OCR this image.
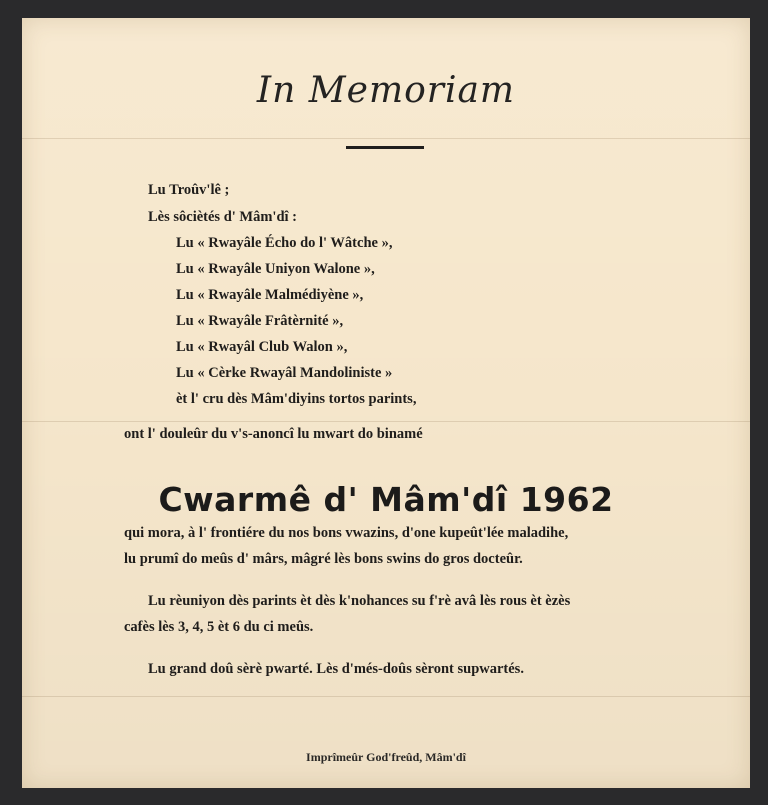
In Memoriam
Lu Troûv'lê ;
Lès sôciètés d' Mâm'dî :
Lu « Rwayâle Écho do l' Wâtche »,
Lu « Rwayâle Uniyon Walone »,
Lu « Rwayâle Malmédiyène »,
Lu « Rwayâle Frâtèrnité »,
Lu « Rwayâl Club Walon »,
Lu « Cèrke Rwayâl Mandoliniste »
èt l' cru dès Mâm'diyins tortos parints,
ont l' douleûr du v's-anoncî lu mwart do binamé
Cwarmê d' Mâm'dî 1962
qui mora, à l' frontiére du nos bons vwazins, d'one kupeût'lée maladihe,
lu prumî do meûs d' mârs, mâgré lès bons swins do gros docteûr.
Lu rèuniyon dès parints èt dès k'nohances su f'rè avâ lès rous èt èzès
cafès lès 3, 4, 5 èt 6 du ci meûs.
Lu grand doû sèrè pwarté. Lès d'més-doûs sèront supwartés.
Imprîmeûr God'freûd, Mâm'dî
